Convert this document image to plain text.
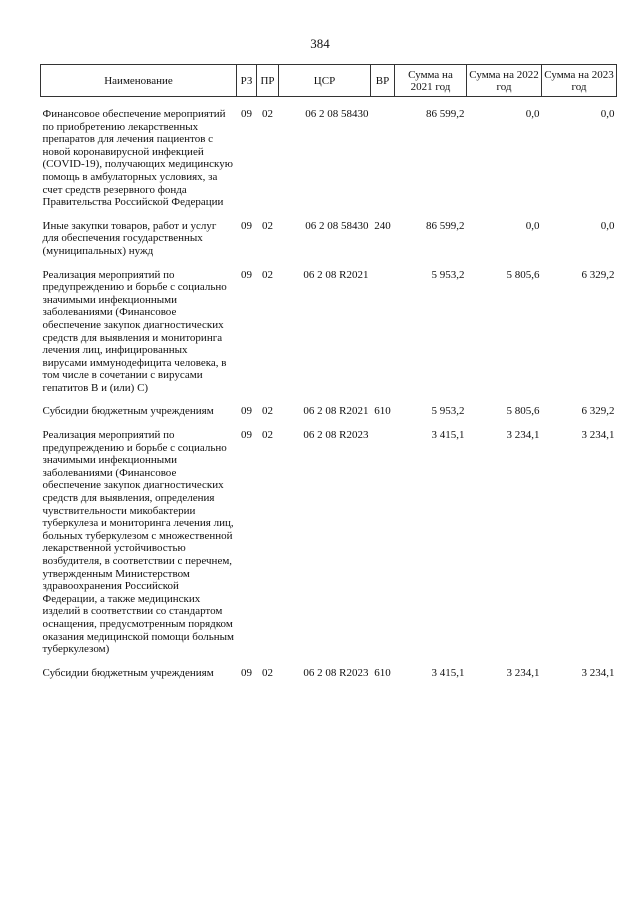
384
Наименование	РЗ	ПР	ЦСР	ВР	Сумма на 2021 год	Сумма на 2022 год	Сумма на 2023 год

Финансовое обеспечение мероприятий по приобретению лекарственных препаратов для лечения пациентов с новой коронавирусной инфекцией (COVID-19), получающих медицинскую помощь в амбулаторных условиях, за счет средств резервного фонда Правительства Российской Федерации	09	02	06 2 08 58430		86 599,2	0,0	0,0

Иные закупки товаров, работ и услуг для обеспечения государственных (муниципальных) нужд	09	02	06 2 08 58430	240	86 599,2	0,0	0,0

Реализация мероприятий по предупреждению и борьбе с социально значимыми инфекционными заболеваниями (Финансовое обеспечение закупок диагностических средств для выявления и мониторинга лечения лиц, инфицированных вирусами иммунодефицита человека, в том числе в сочетании с вирусами гепатитов В и (или) С)	09	02	06 2 08 R2021		5 953,2	5 805,6	6 329,2

Субсидии бюджетным учреждениям	09	02	06 2 08 R2021	610	5 953,2	5 805,6	6 329,2

Реализация мероприятий по предупреждению и борьбе с социально значимыми инфекционными заболеваниями (Финансовое обеспечение закупок диагностических средств для выявления, определения чувствительности микобактерии туберкулеза и мониторинга лечения лиц, больных туберкулезом с множественной лекарственной устойчивостью возбудителя, в соответствии с перечнем, утвержденным Министерством здравоохранения Российской Федерации, а также медицинских изделий в соответствии со стандартом оснащения, предусмотренным порядком оказания медицинской помощи больным туберкулезом)	09	02	06 2 08 R2023		3 415,1	3 234,1	3 234,1

Субсидии бюджетным учреждениям	09	02	06 2 08 R2023	610	3 415,1	3 234,1	3 234,1
